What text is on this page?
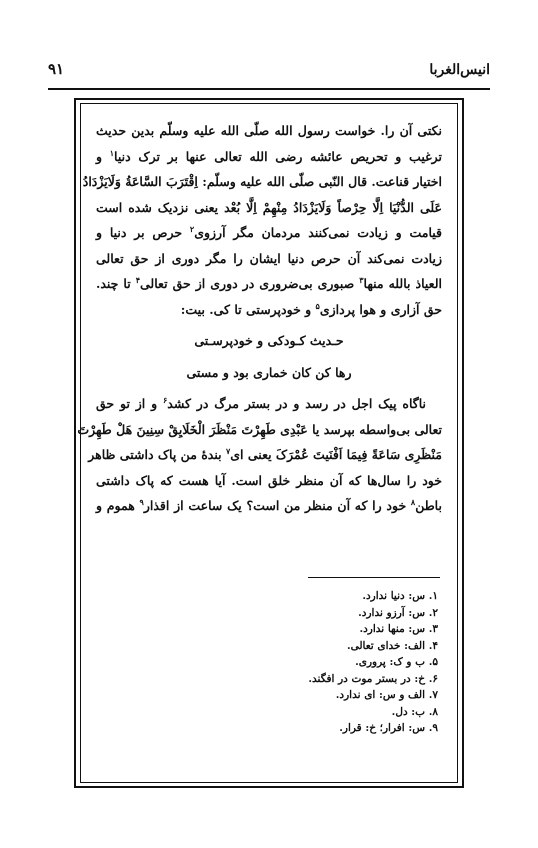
انیس‌الغربا
۹۱
نکتی آن را. خواست رسول الله صلّی الله علیه وسلّم بدین حدیث
ترغیب و تحریص عائشه رضی الله تعالی عنها بر ترک دنیا$^۱$ و
اختیار قناعت. قال النّبی صلّی الله علیه وسلّم: اِقْتَرَبَ السَّاعَةُ وَلَایَزْدَادُ
عَلَی الدُّنْیَا اِلَّا حِرْصاً وَلَایَزْدَادُ مِنْهِمْ اِلَّا بُعْد یعنی نزدیک شده است
قیامت و زیادت نمی‌کنند مردمان مگر آرزوی$^۲$ حرص بر دنیا و
زیادت نمی‌کند آن حرص دنیا ایشان را مگر دوری از حق تعالی
العیاذ بالله منها$^۳$ صبوری بی‌ضروری در دوری از حق تعالی$^۴$ تا چند.
حق آزاری و هوا پردازی$^۵$ و خودپرستی تا کی. بیت:
حـدیث کـودکی و خودپرسـتی
رها کن کان خماری بود و مستی
ناگاه پیک اجل در رسد و در بستر مرگ در کشد$^۶$ و از تو حق
تعالی بی‌واسطه بپرسد یا عَبْدِی طَهِرْتَ مَنْظَرَ الْخَلَایِقْ سِنِینَ هَلْ طَهِرْتَ
مَنْظَرِی سَاعَةً فِیمَا اَفْنَیتَ عُمْرَکَ یعنی ای$^۷$ بندهٔ من پاک داشتی ظاهر
خود را سال‌ها که آن منظر خلق است. آیا هست که پاک داشتی
باطن$^۸$ خود را که آن منظر من است؟ یک ساعت از اقذار$^۹$ هموم و
۱. س: دنیا ندارد.
۲. س: آرزو ندارد.
۳. س: منها ندارد.
۴. الف: خدای تعالی.
۵. ب و ک: پروری.
۶. خ: در بستر موت در افگند.
۷. الف و س: ای ندارد.
۸. ب: دل.
۹. س: افرار؛ خ: قرار.
